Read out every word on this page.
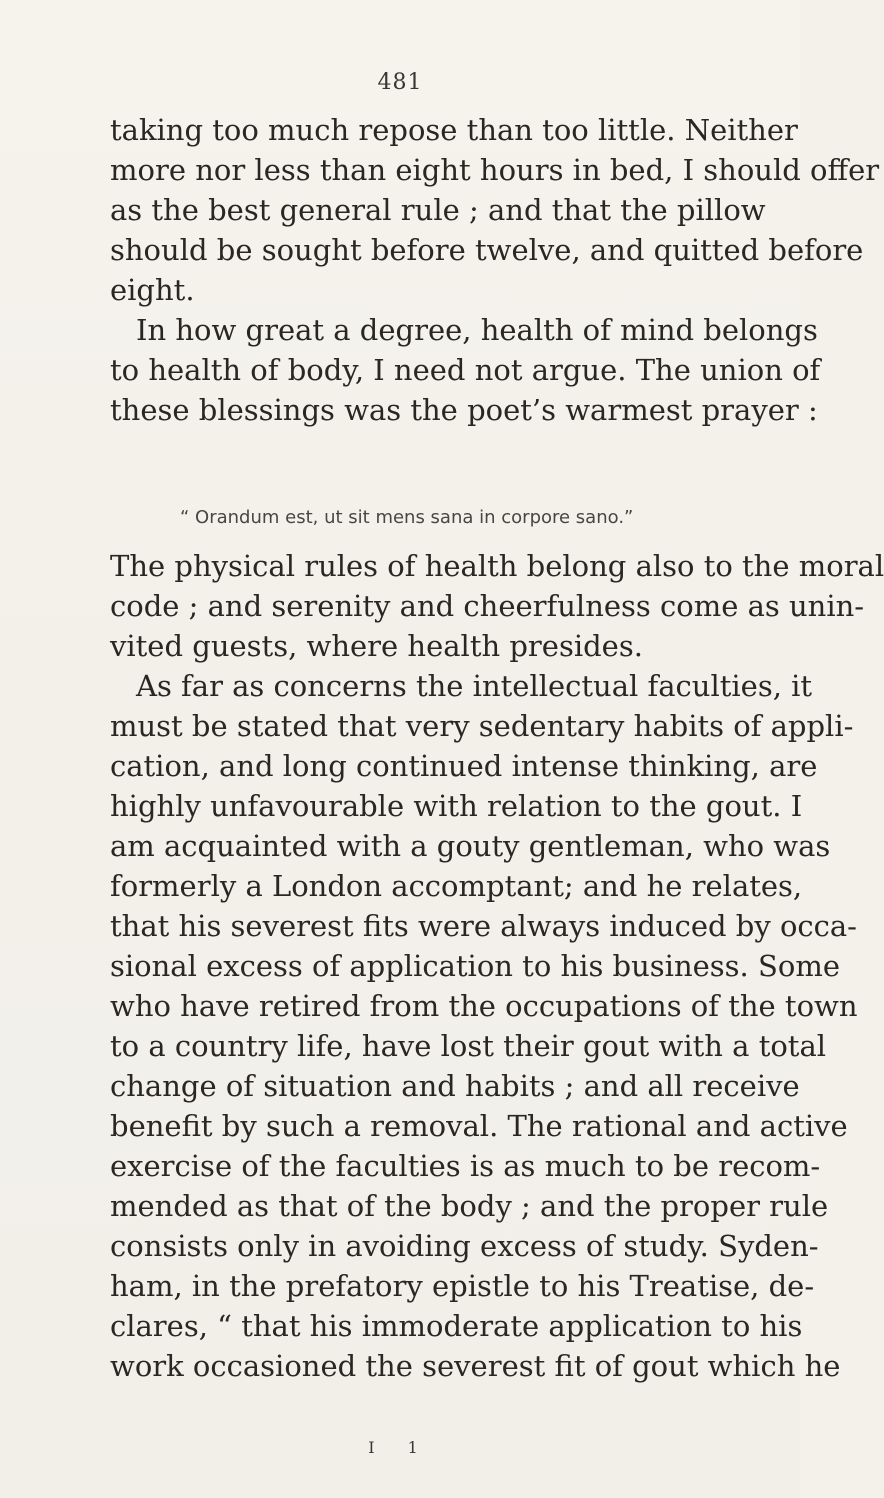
481
taking too much repose than too little. Neither
more nor less than eight hours in bed, I should offer
as the best general rule ; and that the pillow
should be sought before twelve, and quitted before
eight.
In how great a degree, health of mind belongs
to health of body, I need not argue. The union of
these blessings was the poet’s warmest prayer :
“ Orandum est, ut sit mens sana in corpore sano.”
The physical rules of health belong also to the moral
code ; and serenity and cheerfulness come as unin-
vited guests, where health presides.
As far as concerns the intellectual faculties, it
must be stated that very sedentary habits of appli-
cation, and long continued intense thinking, are
highly unfavourable with relation to the gout. I
am acquainted with a gouty gentleman, who was
formerly a London accomptant; and he relates,
that his severest fits were always induced by occa-
sional excess of application to his business. Some
who have retired from the occupations of the town
to a country life, have lost their gout with a total
change of situation and habits ; and all receive
benefit by such a removal. The rational and active
exercise of the faculties is as much to be recom-
mended as that of the body ; and the proper rule
consists only in avoiding excess of study. Syden-
ham, in the prefatory epistle to his Treatise, de-
clares, “ that his immoderate application to his
work occasioned the severest fit of gout which he
I 1
